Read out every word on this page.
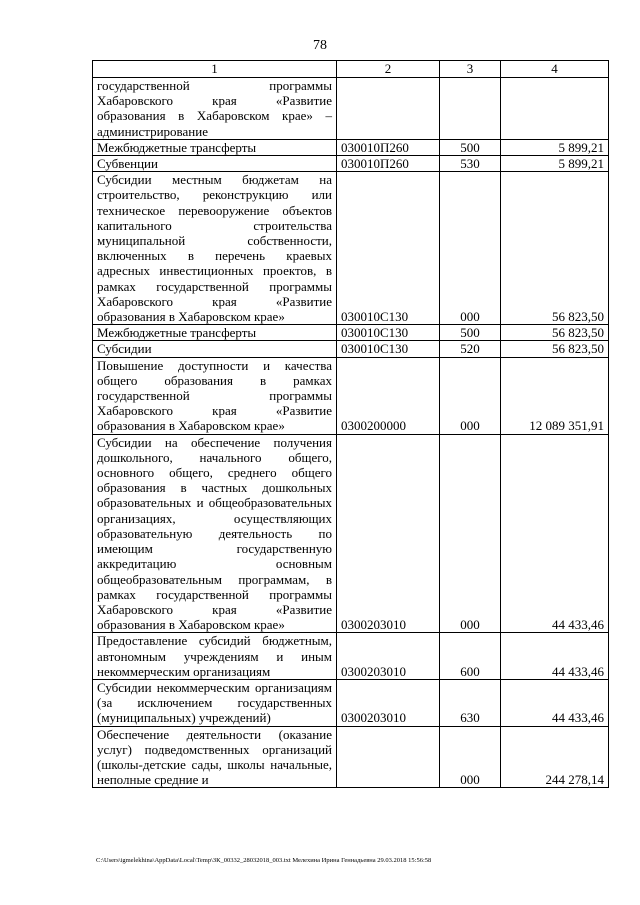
78
1	2	3	4
государственной программы Хабаровского края «Развитие образования в Хабаровском крае» – администрирование			
Межбюджетные трансферты	030010П260	500	5 899,21
Субвенции	030010П260	530	5 899,21
Субсидии местным бюджетам на строительство, реконструкцию или техническое перевооружение объектов капитального строительства муниципальной собственности, включенных в перечень краевых адресных инвестиционных проектов, в рамках государственной программы Хабаровского края «Развитие образования в Хабаровском крае»	030010С130	000	56 823,50
Межбюджетные трансферты	030010С130	500	56 823,50
Субсидии	030010С130	520	56 823,50
Повышение доступности и качества общего образования в рамках государственной программы Хабаровского края «Развитие образования в Хабаровском крае»	0300200000	000	12 089 351,91
Субсидии на обеспечение получения дошкольного, начального общего, основного общего, среднего общего образования в частных дошкольных образовательных и общеобразовательных организациях, осуществляющих образовательную деятельность по имеющим государственную аккредитацию основным общеобразовательным программам, в рамках государственной программы Хабаровского края «Развитие образования в Хабаровском крае»	0300203010	000	44 433,46
Предоставление субсидий бюджетным, автономным учреждениям и иным некоммерческим организациям	0300203010	600	44 433,46
Субсидии некоммерческим организациям (за исключением государственных (муниципальных) учреждений)	0300203010	630	44 433,46
Обеспечение деятельности (оказание услуг) подведомственных организаций (школы-детские сады, школы начальные, неполные средние и		000	244 278,14
C:\Users\igmelekhina\AppData\Local\Temp\ЗК_00332_28032018_003.txt Мелехина Ирина Геннадьевна 29.03.2018 15:56:58
